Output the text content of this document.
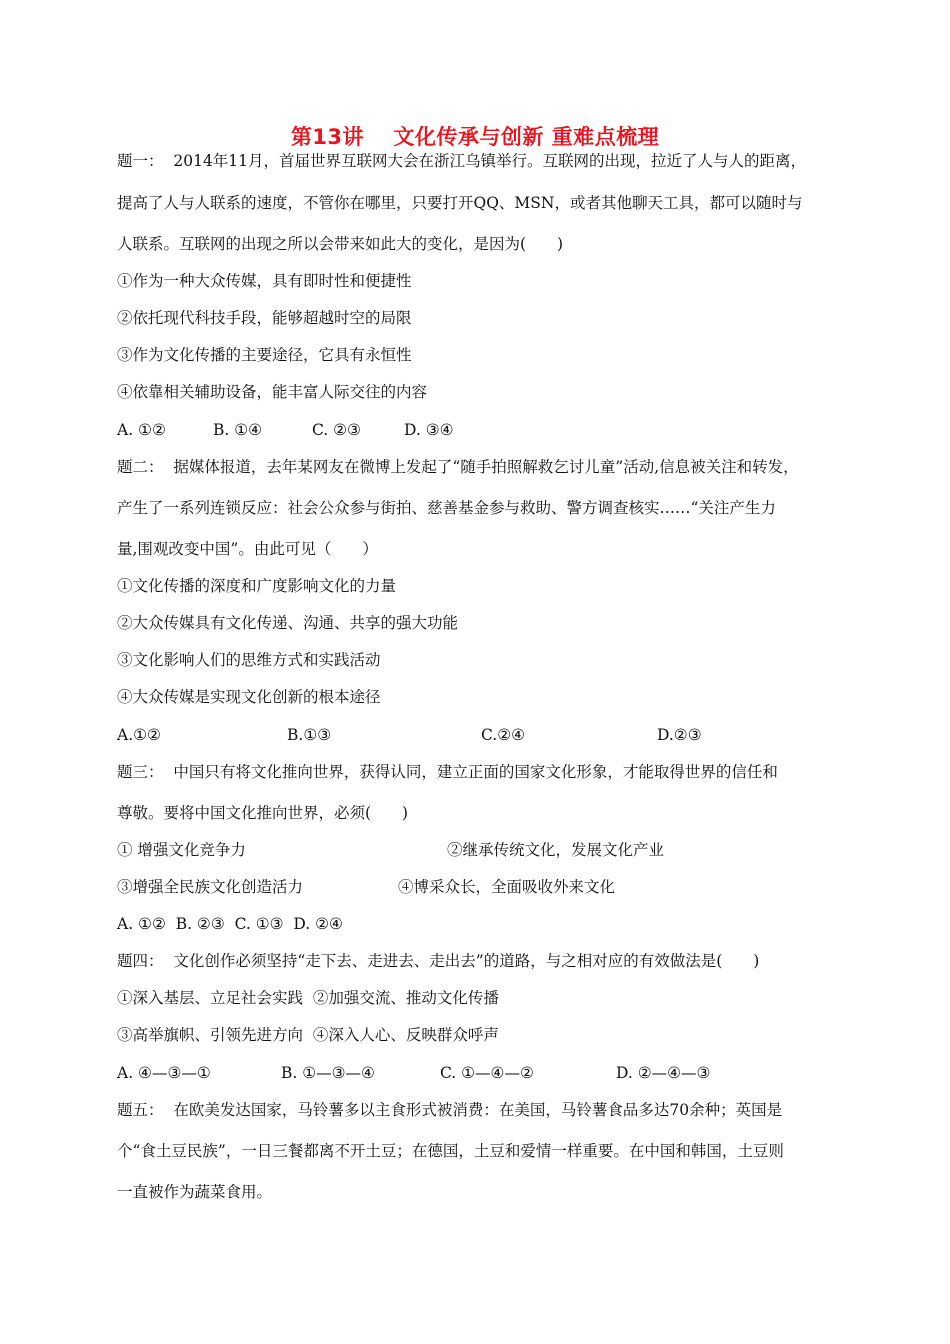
第13讲　 文化传承与创新 重难点梳理
题一：  2014年11月，首届世界互联网大会在浙江乌镇举行。互联网的出现，拉近了人与人的距离，
提高了人与人联系的速度，不管你在哪里，只要打开QQ、MSN，或者其他聊天工具，都可以随时与
人联系。互联网的出现之所以会带来如此大的变化，是因为(　　)
①作为一种大众传媒，具有即时性和便捷性
②依托现代科技手段，能够超越时空的局限
③作为文化传播的主要途径，它具有永恒性
④依靠相关辅助设备，能丰富人际交往的内容
A. ①②	B. ①④	C. ②③	D. ③④
题二：  据媒体报道，去年某网友在微博上发起了“随手拍照解救乞讨儿童”活动,信息被关注和转发，
产生了一系列连锁反应：社会公众参与街拍、慈善基金参与救助、警方调查核实……“关注产生力
量,围观改变中国”。由此可见（　　）
①文化传播的深度和广度影响文化的力量
②大众传媒具有文化传递、沟通、共享的强大功能
③文化影响人们的思维方式和实践活动
④大众传媒是实现文化创新的根本途径
A.①②	B.①③	C.②④	D.②③
题三：  中国只有将文化推向世界，获得认同，建立正面的国家文化形象，才能取得世界的信任和
尊敬。要将中国文化推向世界，必须(　　)
① 增强文化竞争力	②继承传统文化，发展文化产业
③增强全民族文化创造活力	④博采众长，全面吸收外来文化
A. ①②  B. ②③  C. ①③  D. ②④
题四：  文化创作必须坚持“走下去、走进去、走出去”的道路，与之相对应的有效做法是(　　)
①深入基层、立足社会实践  ②加强交流、推动文化传播
③高举旗帜、引领先进方向  ④深入人心、反映群众呼声
A. ④—③—①	B. ①—③—④	C. ①—④—②	D. ②—④—③
题五：  在欧美发达国家，马铃薯多以主食形式被消费：在美国，马铃薯食品多达70余种；英国是
个“食土豆民族”，一日三餐都离不开土豆；在德国，土豆和爱情一样重要。在中国和韩国，土豆则
一直被作为蔬菜食用。
